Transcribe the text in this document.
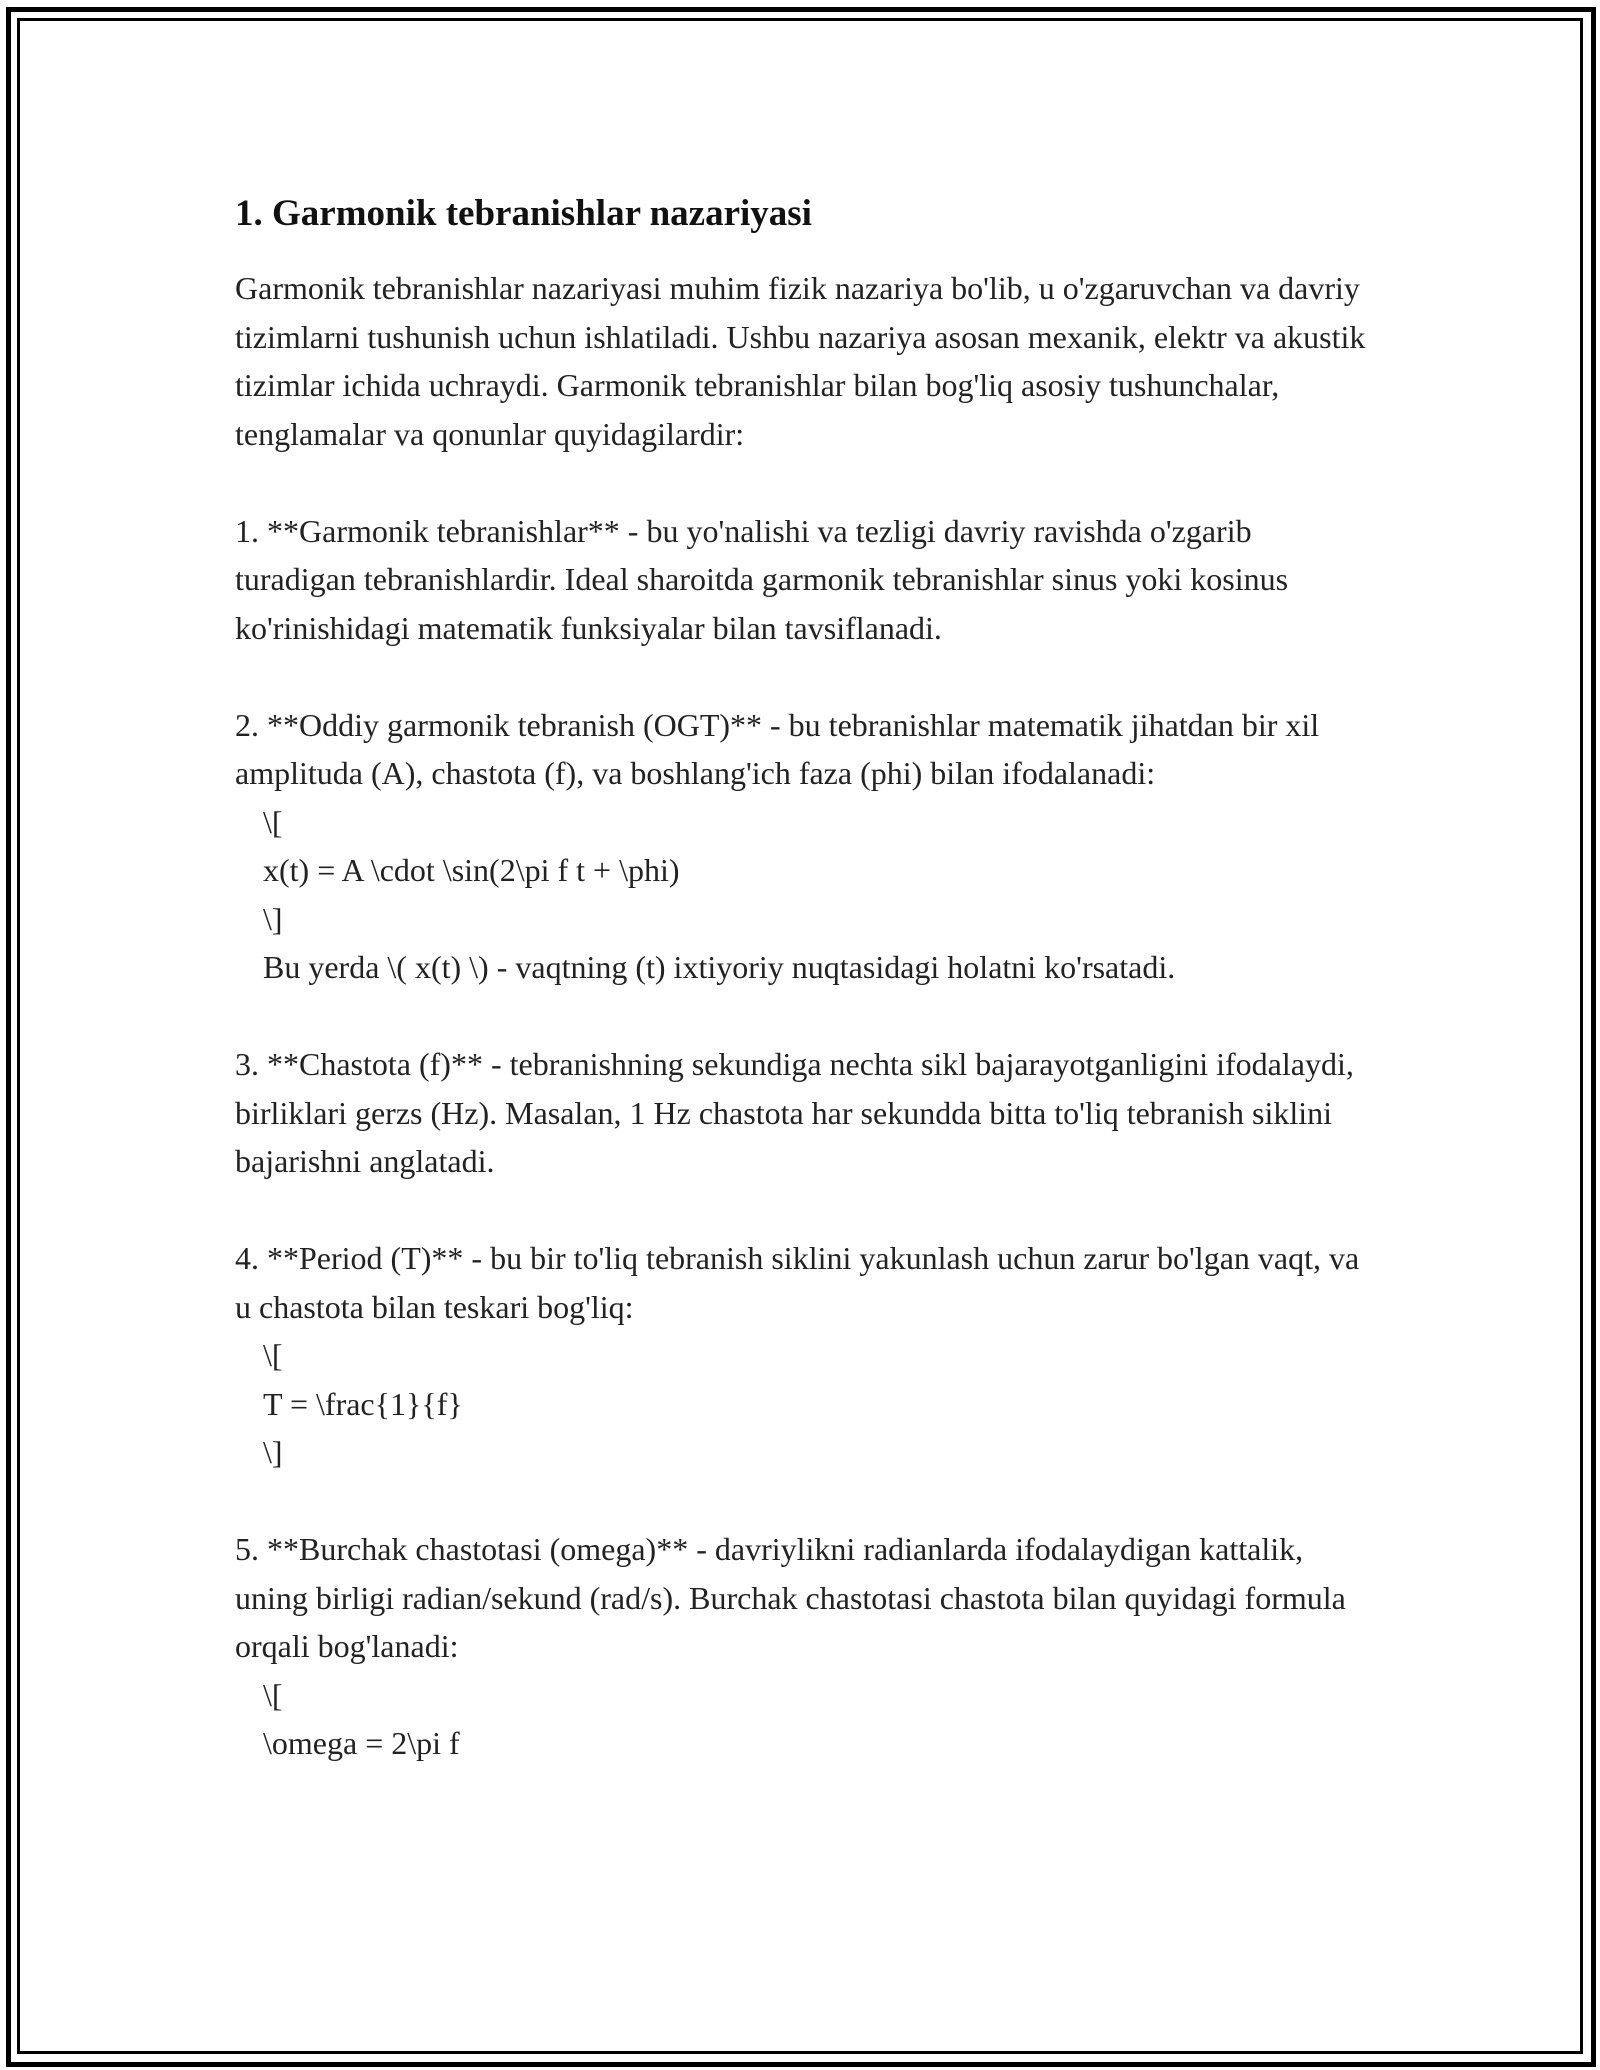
1. Garmonik tebranishlar nazariyasi

Garmonik tebranishlar nazariyasi muhim fizik nazariya bo'lib, u o'zgaruvchan va davriy tizimlarni tushunish uchun ishlatiladi. Ushbu nazariya asosan mexanik, elektr va akustik tizimlar ichida uchraydi. Garmonik tebranishlar bilan bog'liq asosiy tushunchalar, tenglamalar va qonunlar quyidagilardir:

1. **Garmonik tebranishlar** - bu yo'nalishi va tezligi davriy ravishda o'zgarib turadigan tebranishlardir. Ideal sharoitda garmonik tebranishlar sinus yoki kosinus ko'rinishidagi matematik funksiyalar bilan tavsiflanadi.

2. **Oddiy garmonik tebranish (OGT)** - bu tebranishlar matematik jihatdan bir xil amplituda (A), chastota (f), va boshlang'ich faza (phi) bilan ifodalanadi:

\[

x(t) = A \cdot \sin(2\pi f t + \phi)

\]

Bu yerda \( x(t) \) - vaqtning (t) ixtiyoriy nuqtasidagi holatni ko'rsatadi.

3. **Chastota (f)** - tebranishning sekundiga nechta sikl bajarayotganligini ifodalaydi, birliklari gerzs (Hz). Masalan, 1 Hz chastota har sekundda bitta to'liq tebranish siklini bajarishni anglatadi.

4. **Period (T)** - bu bir to'liq tebranish siklini yakunlash uchun zarur bo'lgan vaqt, va u chastota bilan teskari bog'liq:

\[

T = \frac{1}{f}

\]

5. **Burchak chastotasi (omega)** - davriylikni radianlarda ifodalaydigan kattalik, uning birligi radian/sekund (rad/s). Burchak chastotasi chastota bilan quyidagi formula orqali bog'lanadi:

\[

\omega = 2\pi f
